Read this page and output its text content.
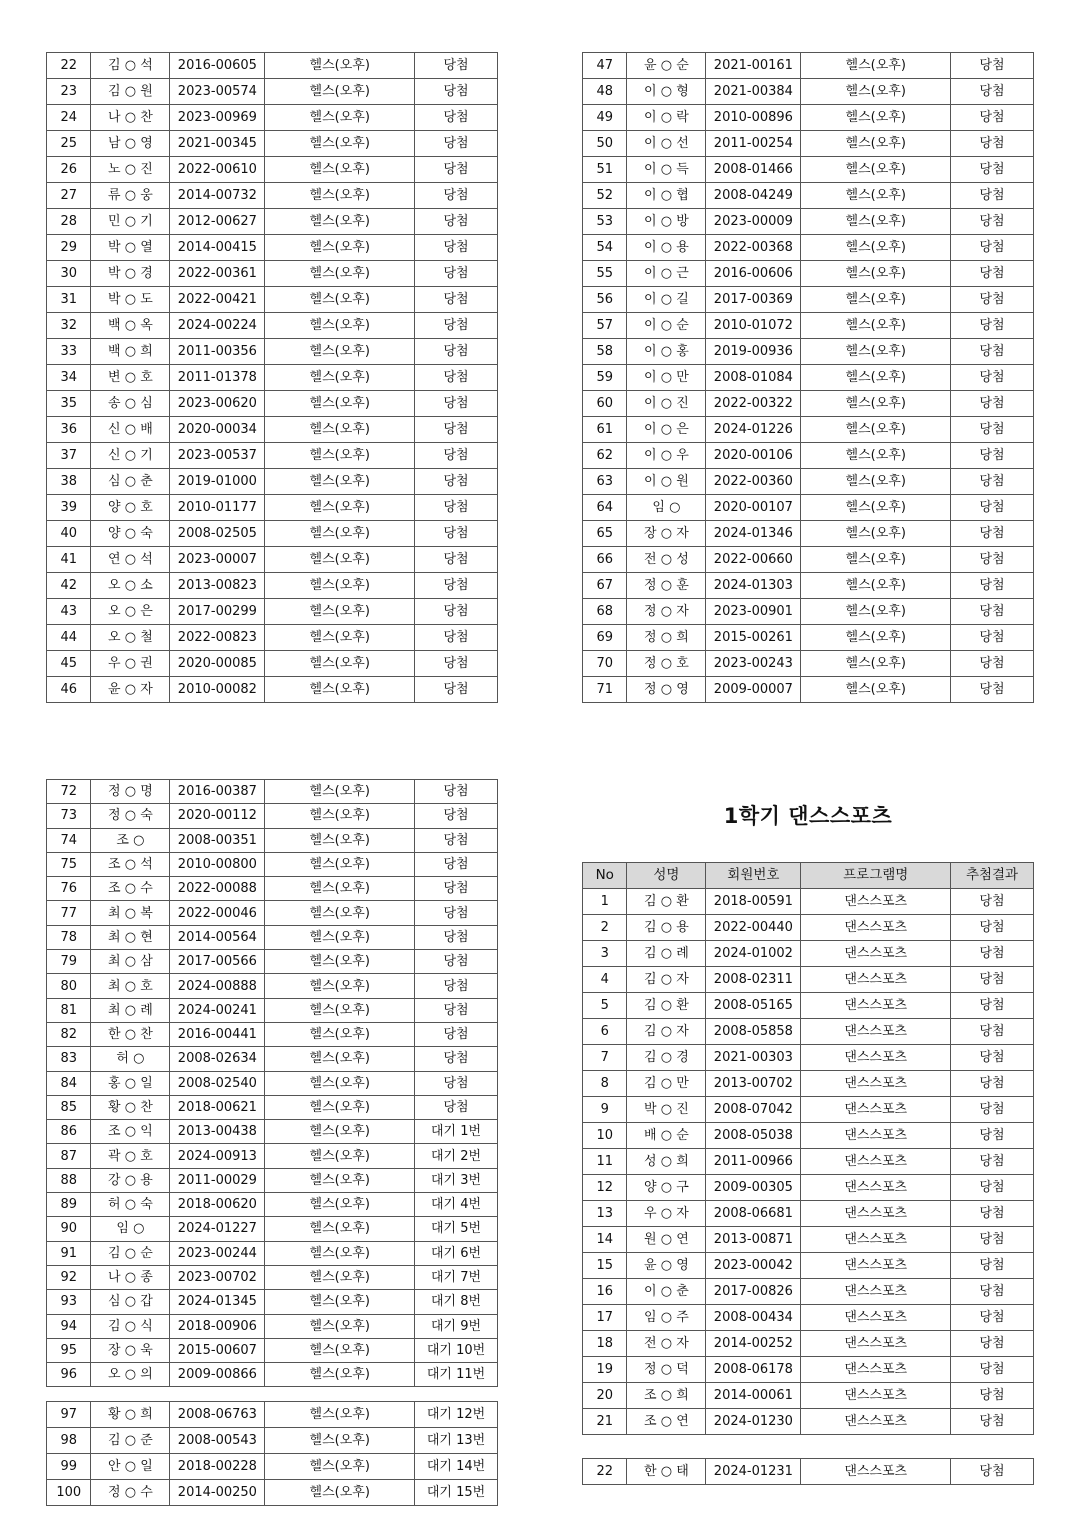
22	김 ○ 석	2016-00605	헬스(오후)	당첨
23	김 ○ 원	2023-00574	헬스(오후)	당첨
24	나 ○ 찬	2023-00969	헬스(오후)	당첨
25	남 ○ 영	2021-00345	헬스(오후)	당첨
26	노 ○ 진	2022-00610	헬스(오후)	당첨
27	류 ○ 웅	2014-00732	헬스(오후)	당첨
28	민 ○ 기	2012-00627	헬스(오후)	당첨
29	박 ○ 열	2014-00415	헬스(오후)	당첨
30	박 ○ 경	2022-00361	헬스(오후)	당첨
31	박 ○ 도	2022-00421	헬스(오후)	당첨
32	백 ○ 옥	2024-00224	헬스(오후)	당첨
33	백 ○ 희	2011-00356	헬스(오후)	당첨
34	변 ○ 호	2011-01378	헬스(오후)	당첨
35	송 ○ 심	2023-00620	헬스(오후)	당첨
36	신 ○ 배	2020-00034	헬스(오후)	당첨
37	신 ○ 기	2023-00537	헬스(오후)	당첨
38	심 ○ 춘	2019-01000	헬스(오후)	당첨
39	양 ○ 호	2010-01177	헬스(오후)	당첨
40	양 ○ 숙	2008-02505	헬스(오후)	당첨
41	연 ○ 석	2023-00007	헬스(오후)	당첨
42	오 ○ 소	2013-00823	헬스(오후)	당첨
43	오 ○ 은	2017-00299	헬스(오후)	당첨
44	오 ○ 철	2022-00823	헬스(오후)	당첨
45	우 ○ 권	2020-00085	헬스(오후)	당첨
46	윤 ○ 자	2010-00082	헬스(오후)	당첨
47	윤 ○ 순	2021-00161	헬스(오후)	당첨
48	이 ○ 형	2021-00384	헬스(오후)	당첨
49	이 ○ 락	2010-00896	헬스(오후)	당첨
50	이 ○ 선	2011-00254	헬스(오후)	당첨
51	이 ○ 득	2008-01466	헬스(오후)	당첨
52	이 ○ 협	2008-04249	헬스(오후)	당첨
53	이 ○ 방	2023-00009	헬스(오후)	당첨
54	이 ○ 용	2022-00368	헬스(오후)	당첨
55	이 ○ 근	2016-00606	헬스(오후)	당첨
56	이 ○ 길	2017-00369	헬스(오후)	당첨
57	이 ○ 순	2010-01072	헬스(오후)	당첨
58	이 ○ 홍	2019-00936	헬스(오후)	당첨
59	이 ○ 만	2008-01084	헬스(오후)	당첨
60	이 ○ 진	2022-00322	헬스(오후)	당첨
61	이 ○ 은	2024-01226	헬스(오후)	당첨
62	이 ○ 우	2020-00106	헬스(오후)	당첨
63	이 ○ 원	2022-00360	헬스(오후)	당첨
64	임 ○	2020-00107	헬스(오후)	당첨
65	장 ○ 자	2024-01346	헬스(오후)	당첨
66	전 ○ 성	2022-00660	헬스(오후)	당첨
67	정 ○ 훈	2024-01303	헬스(오후)	당첨
68	정 ○ 자	2023-00901	헬스(오후)	당첨
69	정 ○ 희	2015-00261	헬스(오후)	당첨
70	정 ○ 호	2023-00243	헬스(오후)	당첨
71	정 ○ 영	2009-00007	헬스(오후)	당첨
72	정 ○ 명	2016-00387	헬스(오후)	당첨
73	정 ○ 숙	2020-00112	헬스(오후)	당첨
74	조 ○	2008-00351	헬스(오후)	당첨
75	조 ○ 석	2010-00800	헬스(오후)	당첨
76	조 ○ 수	2022-00088	헬스(오후)	당첨
77	최 ○ 복	2022-00046	헬스(오후)	당첨
78	최 ○ 현	2014-00564	헬스(오후)	당첨
79	최 ○ 삼	2017-00566	헬스(오후)	당첨
80	최 ○ 호	2024-00888	헬스(오후)	당첨
81	최 ○ 례	2024-00241	헬스(오후)	당첨
82	한 ○ 찬	2016-00441	헬스(오후)	당첨
83	허 ○	2008-02634	헬스(오후)	당첨
84	홍 ○ 일	2008-02540	헬스(오후)	당첨
85	황 ○ 찬	2018-00621	헬스(오후)	당첨
86	조 ○ 익	2013-00438	헬스(오후)	대기 1번
87	곽 ○ 호	2024-00913	헬스(오후)	대기 2번
88	강 ○ 용	2011-00029	헬스(오후)	대기 3번
89	허 ○ 숙	2018-00620	헬스(오후)	대기 4번
90	임 ○	2024-01227	헬스(오후)	대기 5번
91	김 ○ 순	2023-00244	헬스(오후)	대기 6번
92	나 ○ 종	2023-00702	헬스(오후)	대기 7번
93	심 ○ 갑	2024-01345	헬스(오후)	대기 8번
94	김 ○ 식	2018-00906	헬스(오후)	대기 9번
95	장 ○ 욱	2015-00607	헬스(오후)	대기 10번
96	오 ○ 의	2009-00866	헬스(오후)	대기 11번
97	황 ○ 희	2008-06763	헬스(오후)	대기 12번
98	김 ○ 준	2008-00543	헬스(오후)	대기 13번
99	안 ○ 일	2018-00228	헬스(오후)	대기 14번
100	정 ○ 수	2014-00250	헬스(오후)	대기 15번
1학기 댄스스포츠
No	성명	회원번호	프로그램명	추첨결과
1	김 ○ 환	2018-00591	댄스스포츠	당첨
2	김 ○ 용	2022-00440	댄스스포츠	당첨
3	김 ○ 례	2024-01002	댄스스포츠	당첨
4	김 ○ 자	2008-02311	댄스스포츠	당첨
5	김 ○ 환	2008-05165	댄스스포츠	당첨
6	김 ○ 자	2008-05858	댄스스포츠	당첨
7	김 ○ 경	2021-00303	댄스스포츠	당첨
8	김 ○ 만	2013-00702	댄스스포츠	당첨
9	박 ○ 진	2008-07042	댄스스포츠	당첨
10	배 ○ 순	2008-05038	댄스스포츠	당첨
11	성 ○ 희	2011-00966	댄스스포츠	당첨
12	양 ○ 구	2009-00305	댄스스포츠	당첨
13	우 ○ 자	2008-06681	댄스스포츠	당첨
14	원 ○ 연	2013-00871	댄스스포츠	당첨
15	윤 ○ 영	2023-00042	댄스스포츠	당첨
16	이 ○ 춘	2017-00826	댄스스포츠	당첨
17	임 ○ 주	2008-00434	댄스스포츠	당첨
18	전 ○ 자	2014-00252	댄스스포츠	당첨
19	정 ○ 덕	2008-06178	댄스스포츠	당첨
20	조 ○ 희	2014-00061	댄스스포츠	당첨
21	조 ○ 연	2024-01230	댄스스포츠	당첨
22	한 ○ 태	2024-01231	댄스스포츠	당첨
